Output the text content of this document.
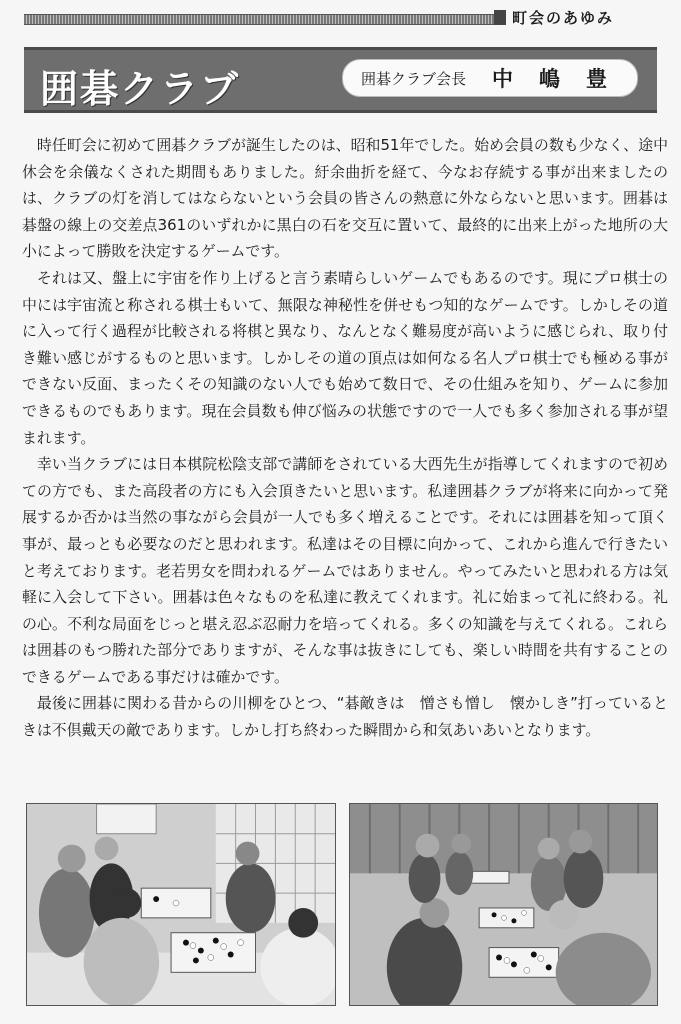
町会のあゆみ
囲碁クラブ	囲碁クラブ会長 中嶋豊

時任町会に初めて囲碁クラブが誕生したのは、昭和51年でした。始め会員の数も少なく、途中休会を余儀なくされた期間もありました。紆余曲折を経て、今なお存続する事が出来ましたのは、クラブの灯を消してはならないという会員の皆さんの熱意に外ならないと思います。囲碁は碁盤の線上の交差点361のいずれかに黒白の石を交互に置いて、最終的に出来上がった地所の大小によって勝敗を決定するゲームです。

それは又、盤上に宇宙を作り上げると言う素晴らしいゲームでもあるのです。現にプロ棋士の中には宇宙流と称される棋士もいて、無限な神秘性を併せもつ知的なゲームです。しかしその道に入って行く過程が比較される将棋と異なり、なんとなく難易度が高いように感じられ、取り付き難い感じがするものと思います。しかしその道の頂点は如何なる名人プロ棋士でも極める事ができない反面、まったくその知識のない人でも始めて数日で、その仕組みを知り、ゲームに参加できるものでもあります。現在会員数も伸び悩みの状態ですので一人でも多く参加される事が望まれます。

幸い当クラブには日本棋院松陰支部で講師をされている大西先生が指導してくれますので初めての方でも、また高段者の方にも入会頂きたいと思います。私達囲碁クラブが将来に向かって発展するか否かは当然の事ながら会員が一人でも多く増えることです。それには囲碁を知って頂く事が、最っとも必要なのだと思われます。私達はその目標に向かって、これから進んで行きたいと考えております。老若男女を問われるゲームではありません。やってみたいと思われる方は気軽に入会して下さい。囲碁は色々なものを私達に教えてくれます。礼に始まって礼に終わる。礼の心。不利な局面をじっと堪え忍ぶ忍耐力を培ってくれる。多くの知識を与えてくれる。これらは囲碁のもつ勝れた部分でありますが、そんな事は抜きにしても、楽しい時間を共有することのできるゲームである事だけは確かです。

最後に囲碁に関わる昔からの川柳をひとつ、“碁敵きは　憎さも憎し　懐かしき”打っているときは不倶戴天の敵であります。しかし打ち終わった瞬間から和気あいあいとなります。
